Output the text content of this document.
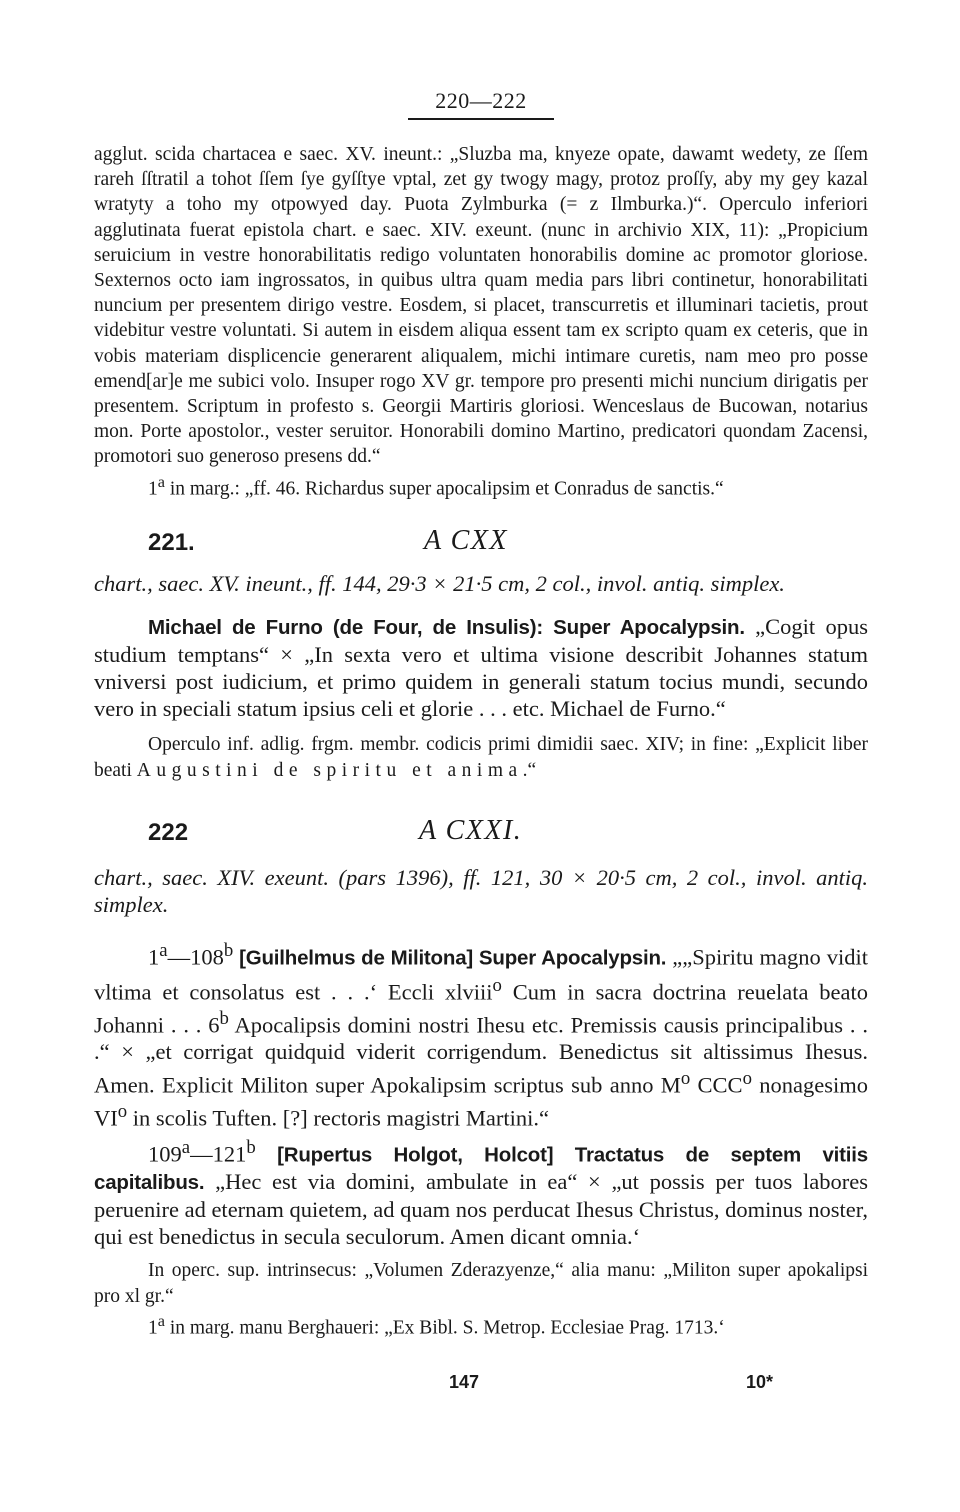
220—222

agglut. scida chartacea e saec. XV. ineunt.: „Sluzba ma, knyeze opate, dawamt wedety, ze ſſem rareh ſſtratil a tohot ſſem ſye gyſſtye vptal, zet gy twogy magy, protoz proſſy, aby my gey kazal wratyty a toho my otpowyed day. Puota Zylmburka (= z Ilmburka.)“. Operculo inferiori agglutinata fuerat epistola chart. e saec. XIV. exeunt. (nunc in archivio XIX, 11): „Propicium seruicium in vestre honorabilitatis redigo voluntaten honorabilis domine ac promotor gloriose. Sexternos octo iam ingrossatos, in quibus ultra quam media pars libri continetur, honorabilitati nuncium per presentem dirigo vestre. Eosdem, si placet, transcurretis et illuminari tacietis, prout videbitur vestre voluntati. Si autem in eisdem aliqua essent tam ex scripto quam ex ceteris, que in vobis materiam displicencie generarent aliqualem, michi intimare curetis, nam meo pro posse emend[ar]e me subici volo. Insuper rogo XV gr. tempore pro presenti michi nuncium dirigatis per presentem. Scriptum in profesto s. Georgii Martiris gloriosi. Wenceslaus de Bucowan, notarius mon. Porte apostolor., vester seruitor. Honorabili domino Martino, predicatori quondam Zacensi, promotori suo generoso presens dd.“

1$^a$ in marg.: „ff. 46. Richardus super apocalipsim et Conradus de sanctis.“

221.	A CXX

chart., saec. XV. ineunt., ff. 144, 29·3 × 21·5 cm, 2 col., invol. antiq. simplex.

Michael de Furno (de Four, de Insulis): Super Apocalypsin. „Cogit opus studium temptans“ × „In sexta vero et ultima visione describit Johannes statum vniversi post iudicium, et primo quidem in generali statum tocius mundi, secundo vero in speciali statum ipsius celi et glorie . . . etc. Michael de Furno.“

Operculo inf. adlig. frgm. membr. codicis primi dimidii saec. XIV; in fine: „Explicit liber beati Augustini de spiritu et anima.“

222	A CXXI.

chart., saec. XIV. exeunt. (pars 1396), ff. 121, 30 × 20·5 cm, 2 col., invol. antiq. simplex.

1$^a$—108$^b$ [Guilhelmus de Militona] Super Apocalypsin. „„Spiritu magno vidit vltima et consolatus est . . .‘ Eccli xlviii$^o$ Cum in sacra doctrina reuelata beato Johanni . . . 6$^b$ Apocalipsis domini nostri Ihesu etc. Premissis causis principalibus . . .“ × „et corrigat quidquid viderit corrigendum. Benedictus sit altissimus Ihesus. Amen. Explicit Militon super Apokalipsim scriptus sub anno $M^o$ CCC$^o$ nonagesimo $VI^o$ in scolis Tuften. [?] rectoris magistri Martini.“

109$^a$—121$^b$ [Rupertus Holgot, Holcot] Tractatus de septem vitiis capitalibus. „Hec est via domini, ambulate in ea“ × „ut possis per tuos labores peruenire ad eternam quietem, ad quam nos perducat Ihesus Christus, dominus noster, qui est benedictus in secula seculorum. Amen dicant omnia.‘

In operc. sup. intrinsecus: „Volumen Zderazyenze,“ alia manu: „Militon super apokalipsi pro xl gr.“

1$^a$ in marg. manu Berghaueri: „Ex Bibl. S. Metrop. Ecclesiae Prag. 1713.‘

147	10*
